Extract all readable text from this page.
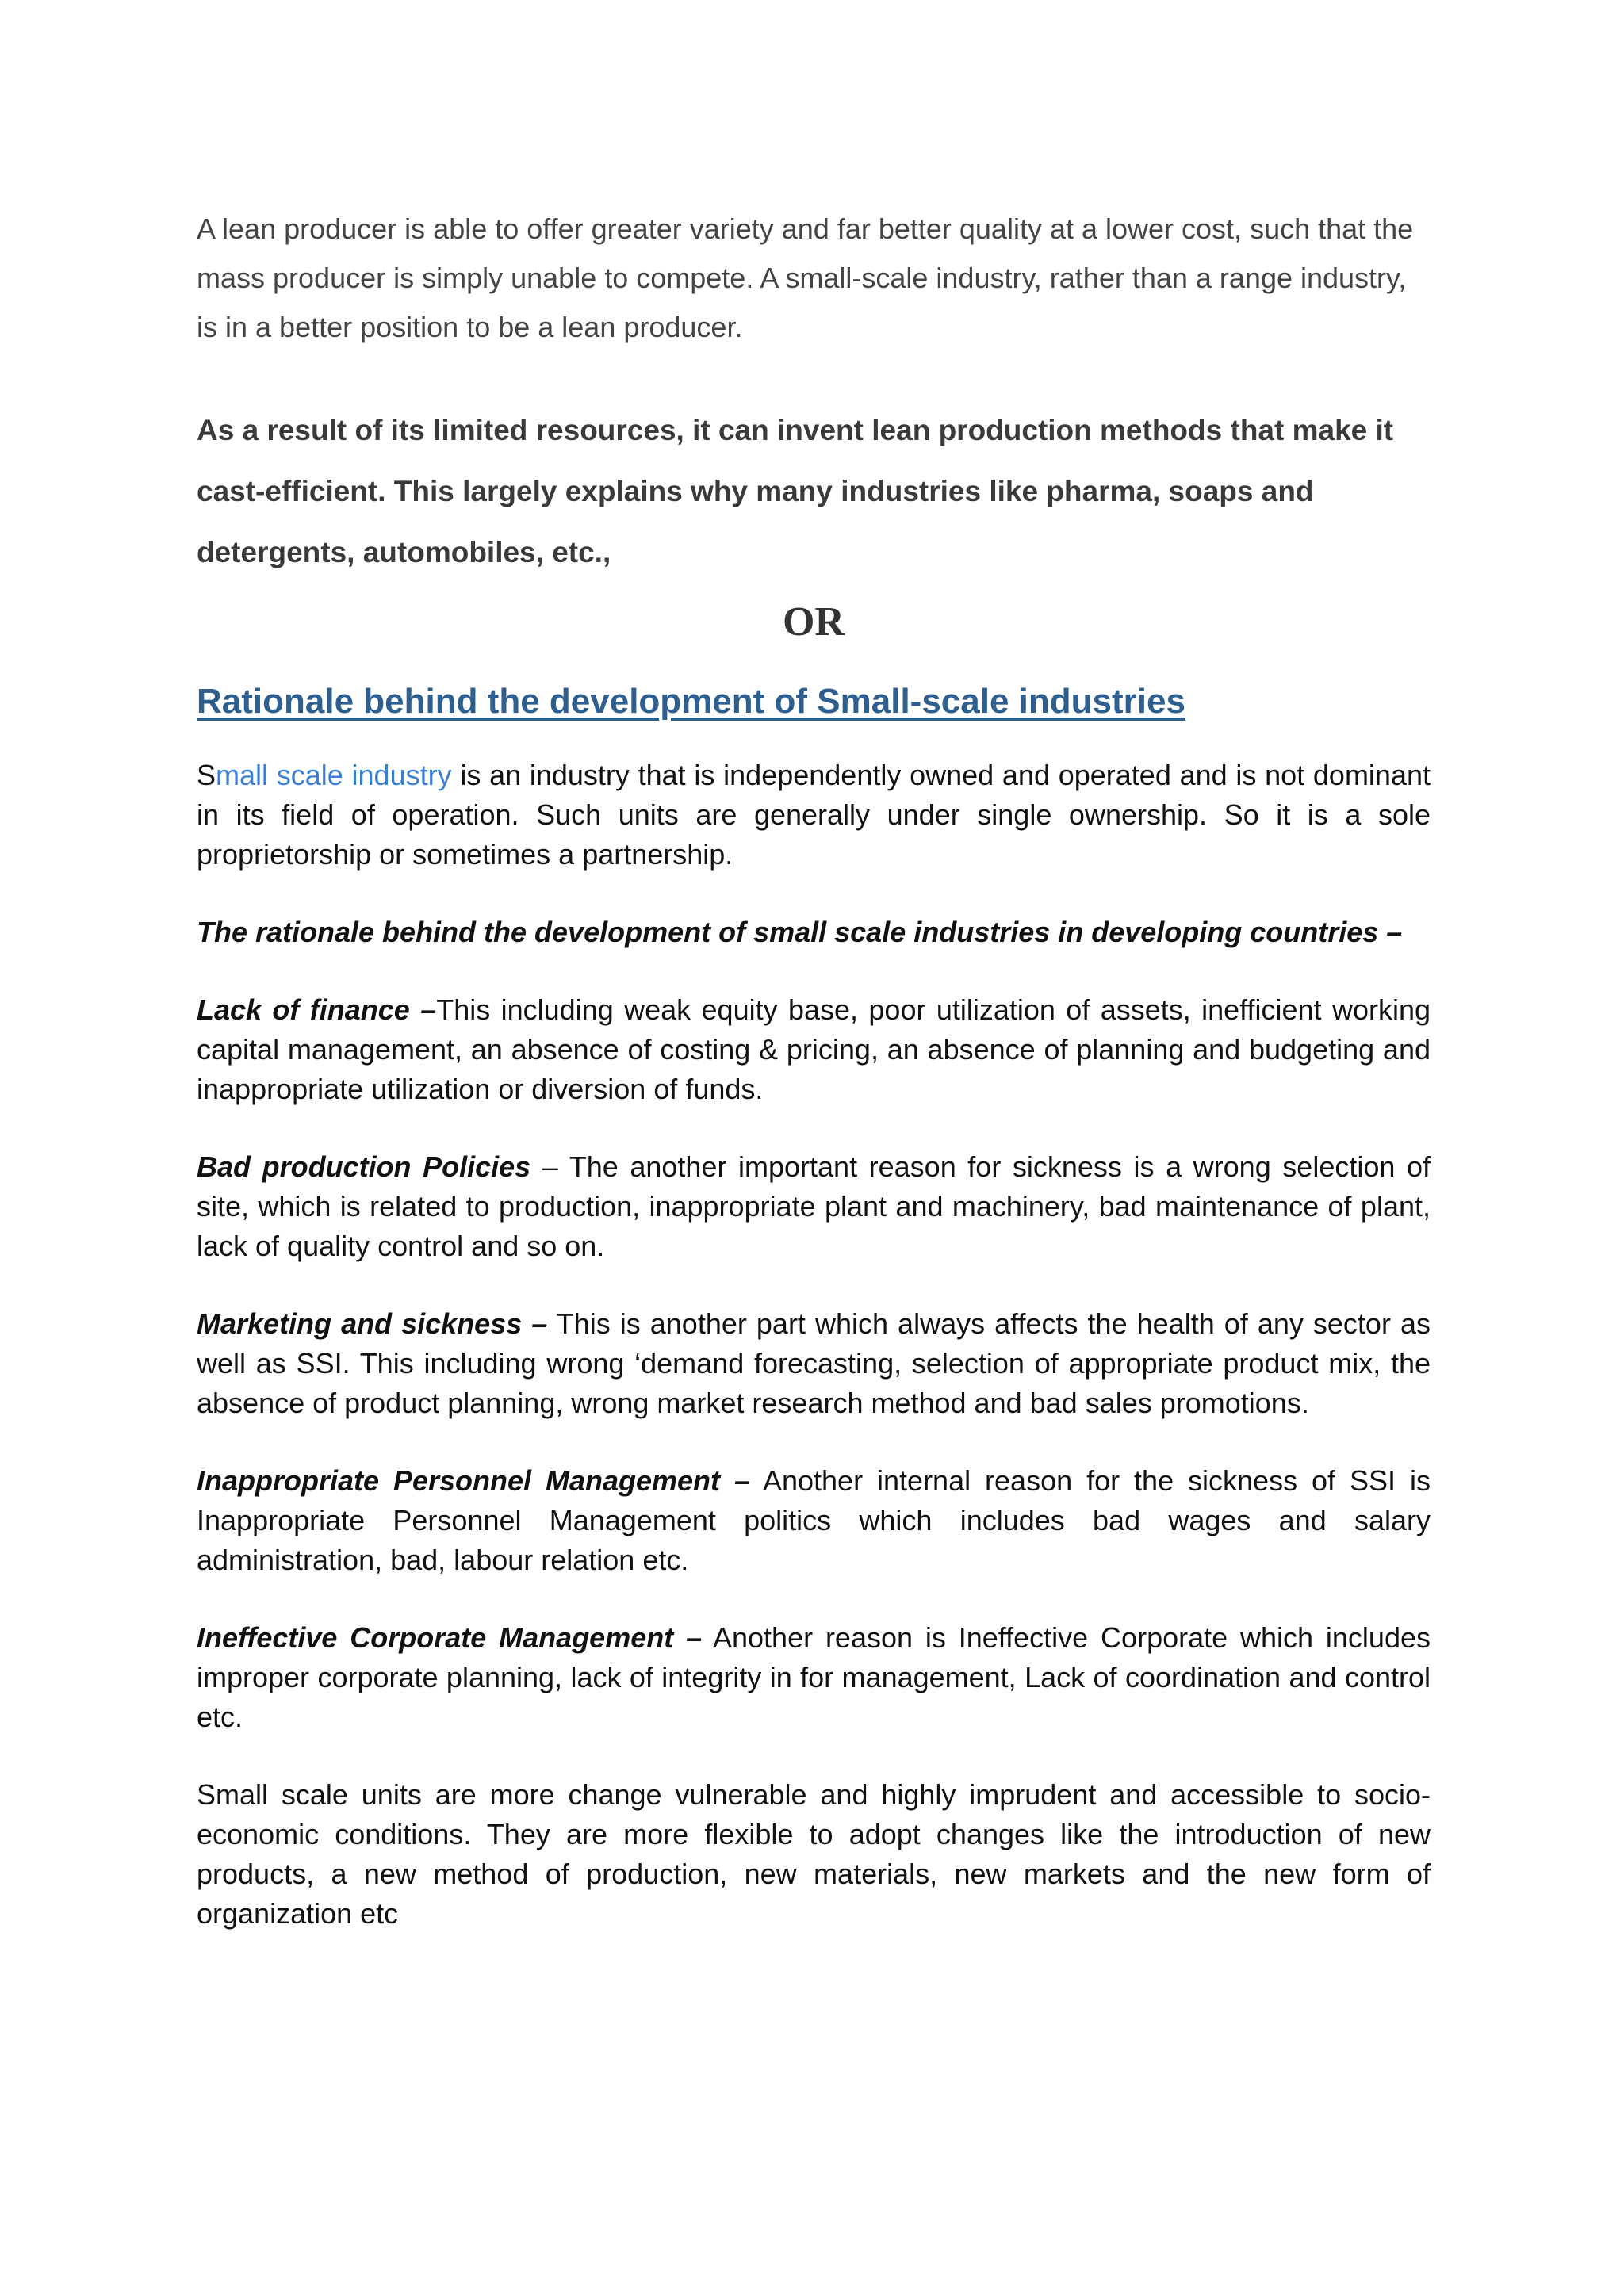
A lean producer is able to offer greater variety and far better quality at a lower cost, such that the mass producer is simply unable to compete. A small-scale industry, rather than a range industry, is in a better position to be a lean producer.

As a result of its limited resources, it can invent lean production methods that make it cast-efficient. This largely explains why many industries like pharma, soaps and detergents, automobiles, etc.,

OR
Rationale behind the development of Small-scale industries

Small scale industry is an industry that is independently owned and operated and is not dominant in its field of operation. Such units are generally under single ownership. So it is a sole proprietorship or sometimes a partnership.

The rationale behind the development of small scale industries in developing countries –

Lack of finance –This including weak equity base, poor utilization of assets, inefficient working capital management, an absence of costing & pricing, an absence of planning and budgeting and inappropriate utilization or diversion of funds.

Bad production Policies – The another important reason for sickness is a wrong selection of site, which is related to production, inappropriate plant and machinery, bad maintenance of plant, lack of quality control and so on.

Marketing and sickness – This is another part which always affects the health of any sector as well as SSI. This including wrong ‘demand forecasting, selection of appropriate product mix, the absence of product planning, wrong market research method and bad sales promotions.

Inappropriate Personnel Management – Another internal reason for the sickness of SSI is Inappropriate Personnel Management politics which includes bad wages and salary administration, bad, labour relation etc.

Ineffective Corporate Management – Another reason is Ineffective Corporate which includes improper corporate planning, lack of integrity in for management, Lack of coordination and control etc.

Small scale units are more change vulnerable and highly imprudent and accessible to socio-economic conditions. They are more flexible to adopt changes like the introduction of new products, a new method of production, new materials, new markets and the new form of organization etc
